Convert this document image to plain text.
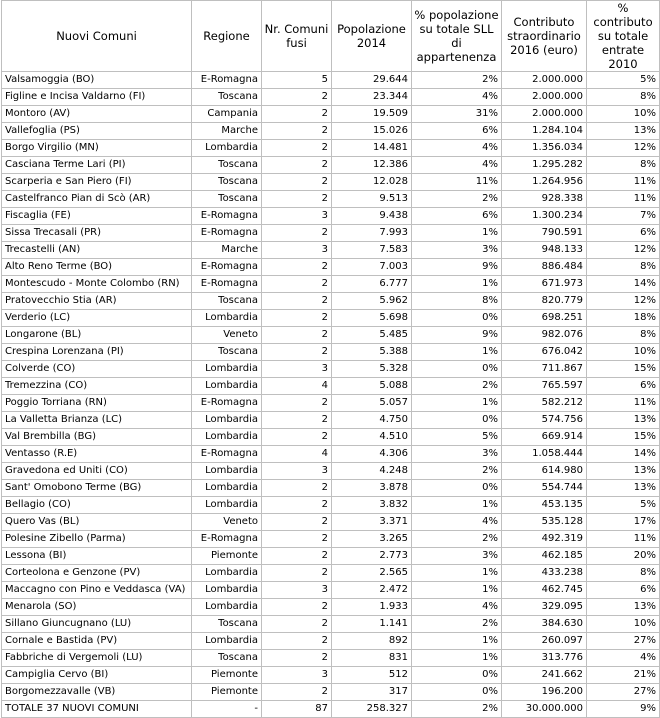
Nuovi Comuni	Regione	Nr. Comuni fusi	Popolazione 2014	% popolazione su totale SLL di appartenenza	Contributo straordinario 2016 (euro)	% contributo su totale entrate 2010
Valsamoggia (BO)	E-Romagna	5	29.644	2%	2.000.000	5%
Figline e Incisa Valdarno (FI)	Toscana	2	23.344	4%	2.000.000	8%
Montoro (AV)	Campania	2	19.509	31%	2.000.000	10%
Vallefoglia (PS)	Marche	2	15.026	6%	1.284.104	13%
Borgo Virgilio (MN)	Lombardia	2	14.481	4%	1.356.034	12%
Casciana Terme Lari (PI)	Toscana	2	12.386	4%	1.295.282	8%
Scarperia e San Piero (FI)	Toscana	2	12.028	11%	1.264.956	11%
Castelfranco Pian di Scò (AR)	Toscana	2	9.513	2%	928.338	11%
Fiscaglia (FE)	E-Romagna	3	9.438	6%	1.300.234	7%
Sissa Trecasali (PR)	E-Romagna	2	7.993	1%	790.591	6%
Trecastelli (AN)	Marche	3	7.583	3%	948.133	12%
Alto Reno Terme (BO)	E-Romagna	2	7.003	9%	886.484	8%
Montescudo - Monte Colombo (RN)	E-Romagna	2	6.777	1%	671.973	14%
Pratovecchio Stia (AR)	Toscana	2	5.962	8%	820.779	12%
Verderio (LC)	Lombardia	2	5.698	0%	698.251	18%
Longarone (BL)	Veneto	2	5.485	9%	982.076	8%
Crespina Lorenzana (PI)	Toscana	2	5.388	1%	676.042	10%
Colverde (CO)	Lombardia	3	5.328	0%	711.867	15%
Tremezzina (CO)	Lombardia	4	5.088	2%	765.597	6%
Poggio Torriana (RN)	E-Romagna	2	5.057	1%	582.212	11%
La Valletta Brianza (LC)	Lombardia	2	4.750	0%	574.756	13%
Val Brembilla (BG)	Lombardia	2	4.510	5%	669.914	15%
Ventasso (R.E)	E-Romagna	4	4.306	3%	1.058.444	14%
Gravedona ed Uniti (CO)	Lombardia	3	4.248	2%	614.980	13%
Sant' Omobono Terme (BG)	Lombardia	2	3.878	0%	554.744	13%
Bellagio (CO)	Lombardia	2	3.832	1%	453.135	5%
Quero Vas (BL)	Veneto	2	3.371	4%	535.128	17%
Polesine Zibello (Parma)	E-Romagna	2	3.265	2%	492.319	11%
Lessona (BI)	Piemonte	2	2.773	3%	462.185	20%
Corteolona e Genzone (PV)	Lombardia	2	2.565	1%	433.238	8%
Maccagno con Pino e Veddasca (VA)	Lombardia	3	2.472	1%	462.745	6%
Menarola (SO)	Lombardia	2	1.933	4%	329.095	13%
Sillano Giuncugnano (LU)	Toscana	2	1.141	2%	384.630	10%
Cornale e Bastida (PV)	Lombardia	2	892	1%	260.097	27%
Fabbriche di Vergemoli (LU)	Toscana	2	831	1%	313.776	4%
Campiglia Cervo (BI)	Piemonte	3	512	0%	241.662	21%
Borgomezzavalle (VB)	Piemonte	2	317	0%	196.200	27%
TOTALE 37 NUOVI COMUNI	-	87	258.327	2%	30.000.000	9%
